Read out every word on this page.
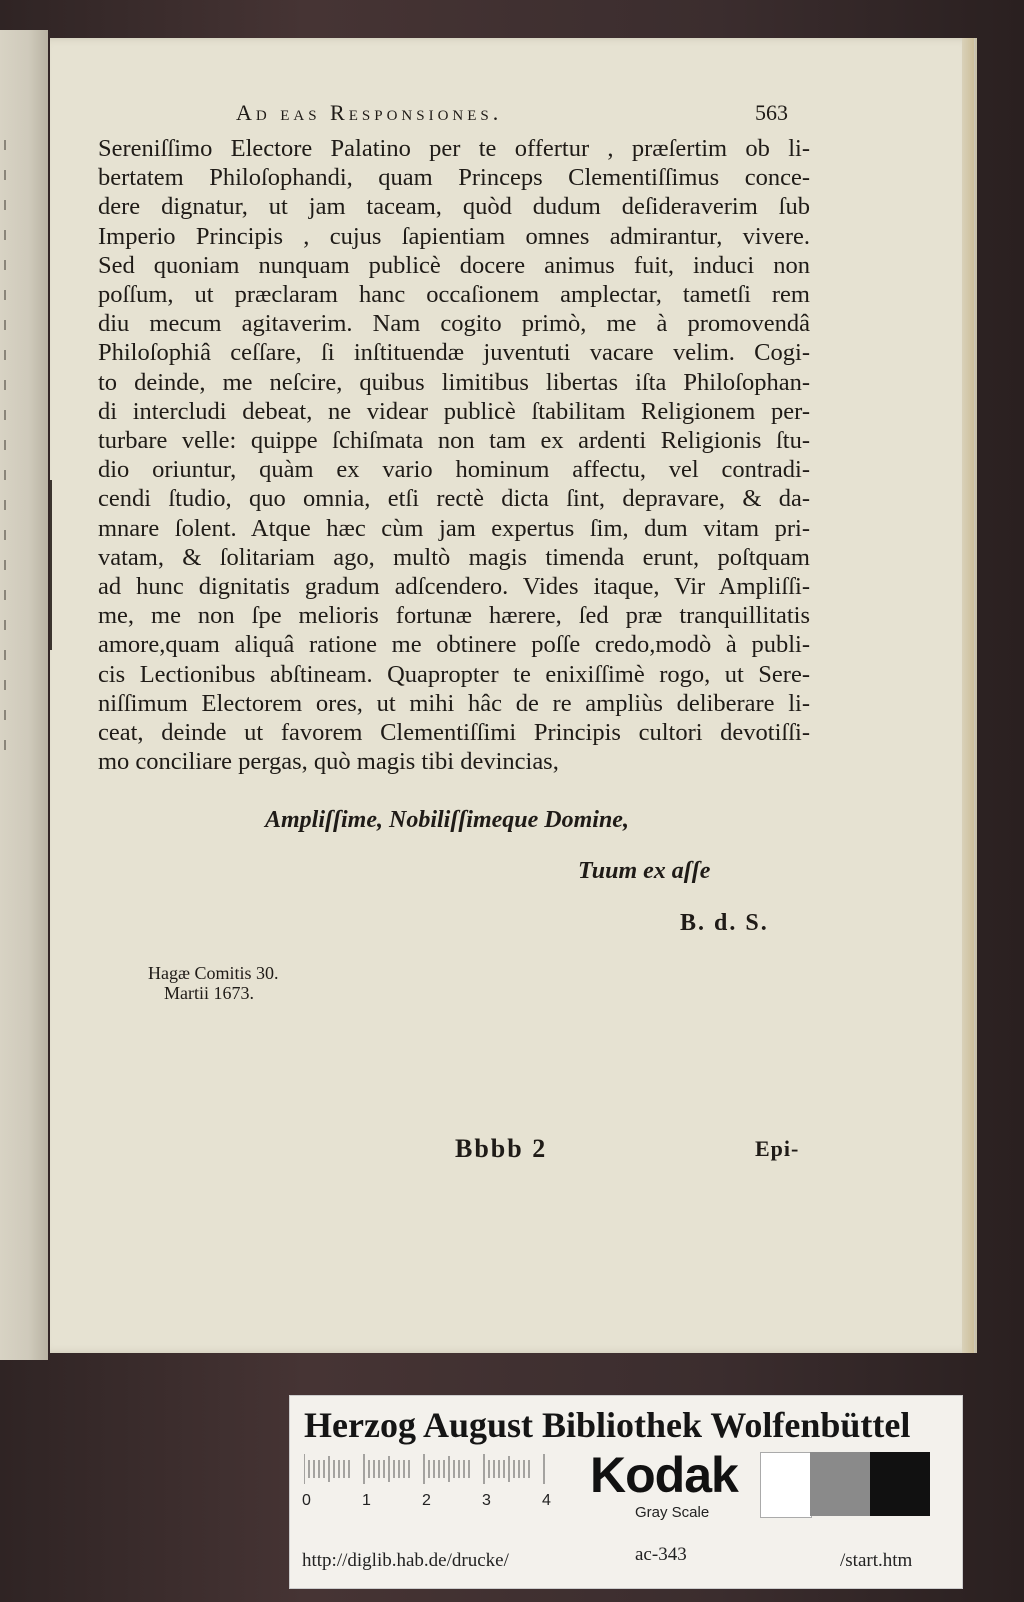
Ad eas Responsiones.	563
Sereniſſimo Electore Palatino per te offertur , præſertim ob li-
bertatem Philoſophandi, quam Princeps Clementiſſimus conce-
dere dignatur, ut jam taceam, quòd dudum deſideraverim ſub
Imperio Principis , cujus ſapientiam omnes admirantur, vivere.
Sed quoniam nunquam publicè docere animus fuit, induci non
poſſum, ut præclaram hanc occaſionem amplectar, tametſi rem
diu mecum agitaverim. Nam cogito primò, me à promovendâ
Philoſophiâ ceſſare, ſi inſtituendæ juventuti vacare velim. Cogi-
to deinde, me neſcire, quibus limitibus libertas iſta Philoſophan-
di intercludi debeat, ne videar publicè ſtabilitam Religionem per-
turbare velle: quippe ſchiſmata non tam ex ardenti Religionis ſtu-
dio oriuntur, quàm ex vario hominum affectu, vel contradi-
cendi ſtudio, quo omnia, etſi rectè dicta ſint, depravare, & da-
mnare ſolent. Atque hæc cùm jam expertus ſim, dum vitam pri-
vatam, & ſolitariam ago, multò magis timenda erunt, poſtquam
ad hunc dignitatis gradum adſcendero. Vides itaque, Vir Ampliſſi-
me, me non ſpe melioris fortunæ hærere, ſed præ tranquillitatis
amore,quam aliquâ ratione me obtinere poſſe credo,modò à publi-
cis Lectionibus abſtineam. Quapropter te enixiſſimè rogo, ut Sere-
niſſimum Electorem ores, ut mihi hâc de re ampliùs deliberare li-
ceat, deinde ut favorem Clementiſſimi Principis cultori devotiſſi-
mo conciliare pergas, quò magis tibi devincias,
Ampliſſime, Nobiliſſimeque Domine,
Tuum ex aſſe
B. d. S.
Hagæ Comitis 30.
Martii 1673.
Bbbb 2	Epi-
Herzog August Bibliothek Wolfenbüttel
0	1	2	3	4 Kodak
Gray Scale
http://diglib.hab.de/drucke/	ac-343	/start.htm
